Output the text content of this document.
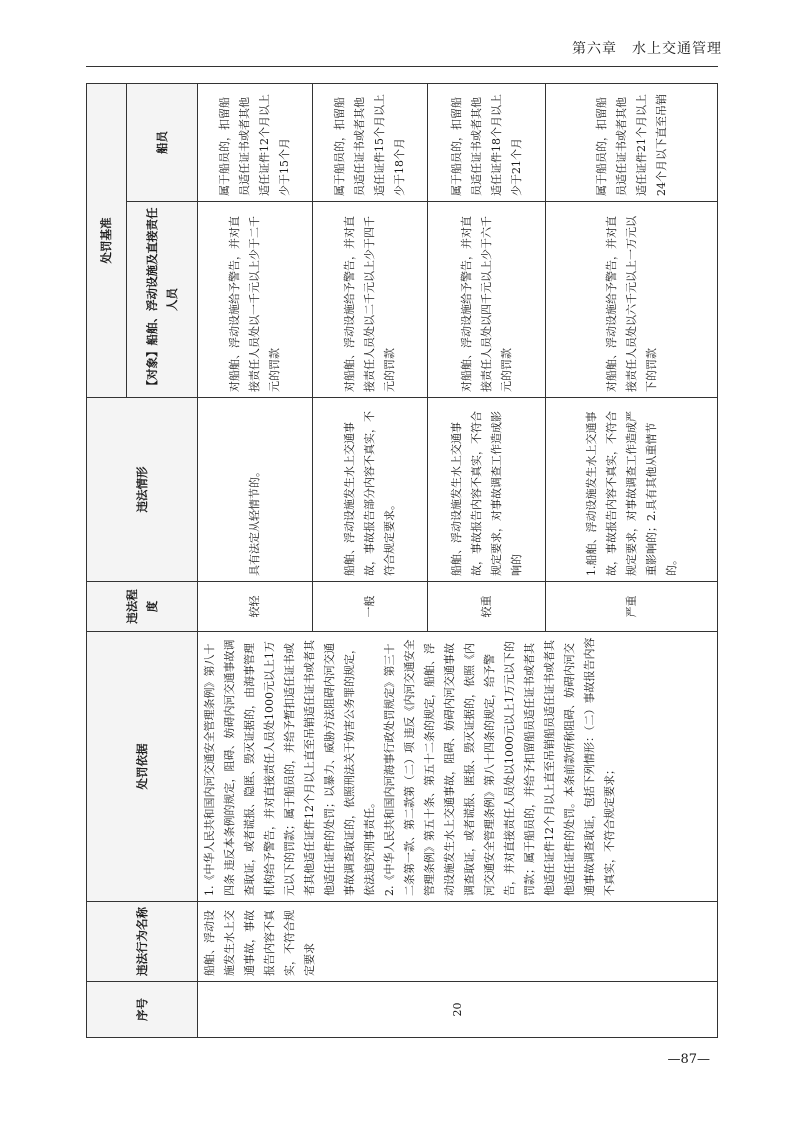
第六章　水上交通管理
序号	违法行为名称	处罚依据	违法程度	违法情形	处罚基准	
					【对象】船舶、浮动设施及直接责任人员	船员
20	船舶、浮动设施发生水上交通事故，事故报告内容不真实，不符合规定要求	1.《中华人民共和国内河交通安全管理条例》第八十四条 违反本条例的规定，阻碍、妨碍内河交通事故调查取证，或者谎报、隐匿、毁灭证据的，由海事管理机构给予警告，并对直接责任人员处1000元以上1万元以下的罚款；属于船员的，并给予暂扣适任证书或者其他适任证件12个月以上直至吊销适任证书或者其他适任证件的处罚；以暴力、威胁方法阻碍内河交通事故调查取证的，依照刑法关于妨害公务罪的规定，依法追究刑事责任。 2.《中华人民共和国内河海事行政处罚规定》第三十二条第一款、第二款第（二）项 违反《内河交通安全管理条例》第五十条、第五十二条的规定，船舶、浮动设施发生水上交通事故，阻碍、妨碍内河交通事故调查取证，或者谎报、匿报、毁灭证据的，依照《内河交通安全管理条例》第八十四条的规定，给予警告，并对直接责任人员处以1000元以上1万元以下的罚款；属于船员的，并给予扣留船员适任证书或者其他适任证件12个月以上直至吊销船员适任证书或者其他适任证件的处罚。本条前款所称阻碍、妨碍内河交通事故调查取证，包括下列情形：（二）事故报告内容不真实，不符合规定要求；	较轻	具有法定从轻情节的。	对船舶、浮动设施给予警告，并对直接责任人员处以一千元以上少于二千元的罚款	属于船员的，扣留船员适任证书或者其他适任证件12个月以上少于15个月
			一般	船舶、浮动设施发生水上交通事故，事故报告部分内容不真实，不符合规定要求。	对船舶、浮动设施给予警告，并对直接责任人员处以二千元以上少于四千元的罚款	属于船员的，扣留船员适任证书或者其他适任证件15个月以上少于18个月
			较重	船舶、浮动设施发生水上交通事故，事故报告内容不真实，不符合规定要求，对事故调查工作造成影响的	对船舶、浮动设施给予警告，并对直接责任人员处以四千元以上少于六千元的罚款	属于船员的，扣留船员适任证书或者其他适任证件18个月以上少于21个月
			严重	1.船舶、浮动设施发生水上交通事故，事故报告内容不真实，不符合规定要求，对事故调查工作造成严重影响的；2.具有其他从重情节的。	对船舶、浮动设施给予警告，并对直接责任人员处以六千元以上一万元以下的罚款	属于船员的，扣留船员适任证书或者其他适任证件21个月以上24个月以下直至吊销
—87—
